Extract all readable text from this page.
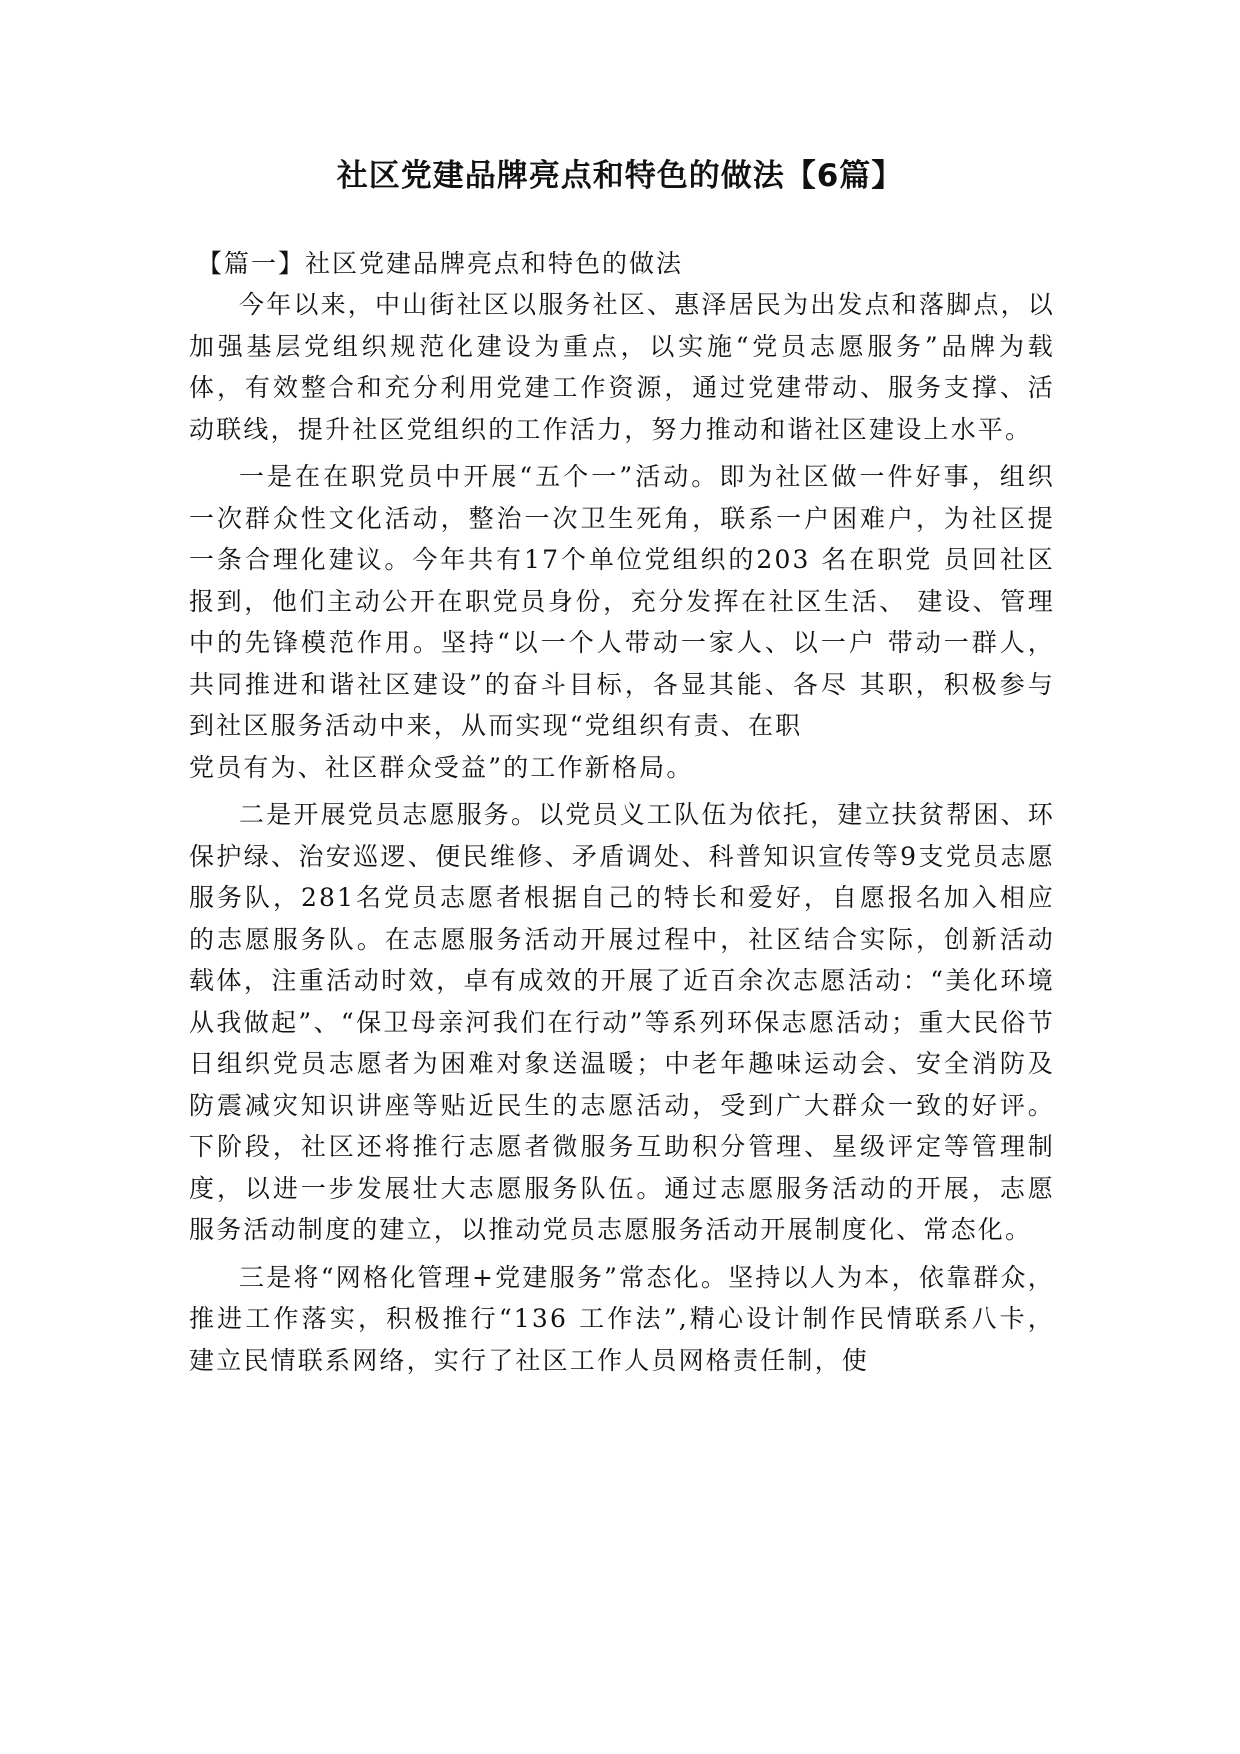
社区党建品牌亮点和特色的做法【6篇】

【篇一】社区党建品牌亮点和特色的做法

今年以来，中山街社区以服务社区、惠泽居民为出发点和落脚点，以加强基层党组织规范化建设为重点，以实施“党员志愿服务”品牌为载体，有效整合和充分利用党建工作资源，通过党建带动、服务支撑、活动联线，提升社区党组织的工作活力，努力推动和谐社区建设上水平。

一是在在职党员中开展“五个一”活动。即为社区做一件好事，组织一次群众性文化活动，整治一次卫生死角，联系一户困难户，为社区提一条合理化建议。今年共有17个单位党组织的203 名在职党 员回社区报到，他们主动公开在职党员身份，充分发挥在社区生活、 建设、管理中的先锋模范作用。坚持“以一个人带动一家人、以一户 带动一群人，共同推进和谐社区建设”的奋斗目标，各显其能、各尽 其职，积极参与到社区服务活动中来，从而实现“党组织有责、在职

党员有为、社区群众受益”的工作新格局。

二是开展党员志愿服务。以党员义工队伍为依托，建立扶贫帮困、环保护绿、治安巡逻、便民维修、矛盾调处、科普知识宣传等9支党员志愿服务队，281名党员志愿者根据自己的特长和爱好，自愿报名加入相应的志愿服务队。在志愿服务活动开展过程中，社区结合实际，创新活动载体，注重活动时效，卓有成效的开展了近百余次志愿活动：“美化环境从我做起”、“保卫母亲河我们在行动”等系列环保志愿活动；重大民俗节日组织党员志愿者为困难对象送温暖；中老年趣味运动会、安全消防及防震减灾知识讲座等贴近民生的志愿活动，受到广大群众一致的好评。下阶段，社区还将推行志愿者微服务互助积分管理、星级评定等管理制度，以进一步发展壮大志愿服务队伍。通过志愿服务活动的开展，志愿服务活动制度的建立，以推动党员志愿服务活动开展制度化、常态化。

三是将“网格化管理+党建服务”常态化。坚持以人为本，依靠群众，推进工作落实，积极推行“136 工作法”,精心设计制作民情联系八卡，建立民情联系网络，实行了社区工作人员网格责任制，使
